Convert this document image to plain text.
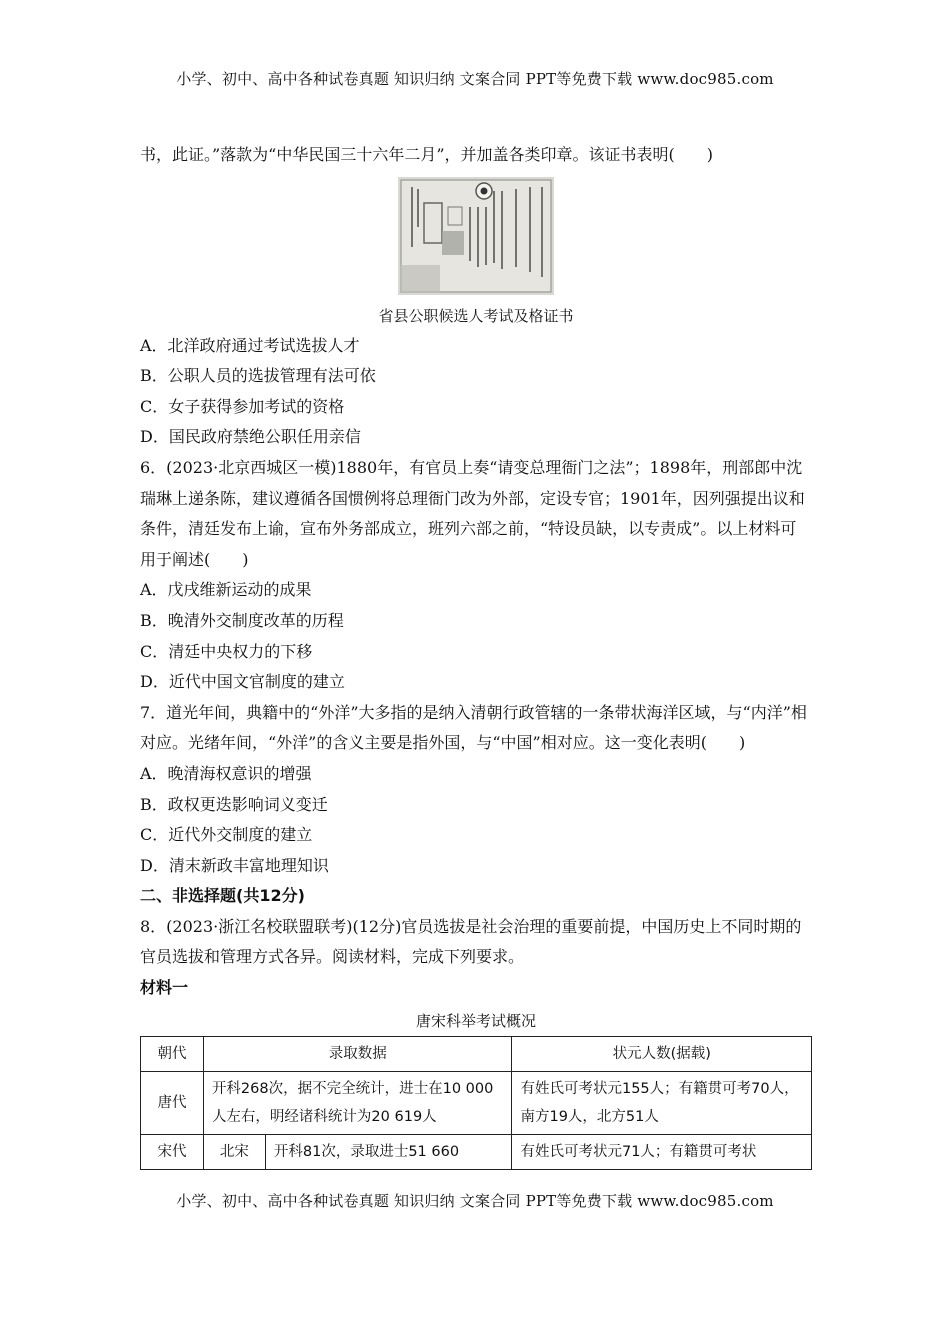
小学、初中、高中各种试卷真题 知识归纳 文案合同 PPT等免费下载 www.doc985.com

书，此证。”落款为“中华民国三十六年二月”，并加盖各类印章。该证书表明(　　)

省县公职候选人考试及格证书

A．北洋政府通过考试选拔人才

B．公职人员的选拔管理有法可依

C．女子获得参加考试的资格

D．国民政府禁绝公职任用亲信

6．(2023·北京西城区一模)1880年，有官员上奏“请变总理衙门之法”；1898年，刑部郎中沈瑞琳上递条陈，建议遵循各国惯例将总理衙门改为外部，定设专官；1901年，因列强提出议和条件，清廷发布上谕，宣布外务部成立，班列六部之前，“特设员缺，以专责成”。以上材料可用于阐述(　　)

A．戊戌维新运动的成果

B．晚清外交制度改革的历程

C．清廷中央权力的下移

D．近代中国文官制度的建立

7．道光年间，典籍中的“外洋”大多指的是纳入清朝行政管辖的一条带状海洋区域，与“内洋”相对应。光绪年间，“外洋”的含义主要是指外国，与“中国”相对应。这一变化表明(　　)

A．晚清海权意识的增强

B．政权更迭影响词义变迁

C．近代外交制度的建立

D．清末新政丰富地理知识

二、非选择题(共12分)

8．(2023·浙江名校联盟联考)(12分)官员选拔是社会治理的重要前提，中国历史上不同时期的官员选拔和管理方式各异。阅读材料，完成下列要求。

材料一

唐宋科举考试概况
朝代	录取数据		状元人数(据载)
唐代	开科268次，据不完全统计，进士在10 000人左右，明经诸科统计为20 619人		有姓氏可考状元155人；有籍贯可考70人，南方19人，北方51人
宋代	北宋	开科81次，录取进士51 660	有姓氏可考状元71人；有籍贯可考状
小学、初中、高中各种试卷真题 知识归纳 文案合同 PPT等免费下载 www.doc985.com
